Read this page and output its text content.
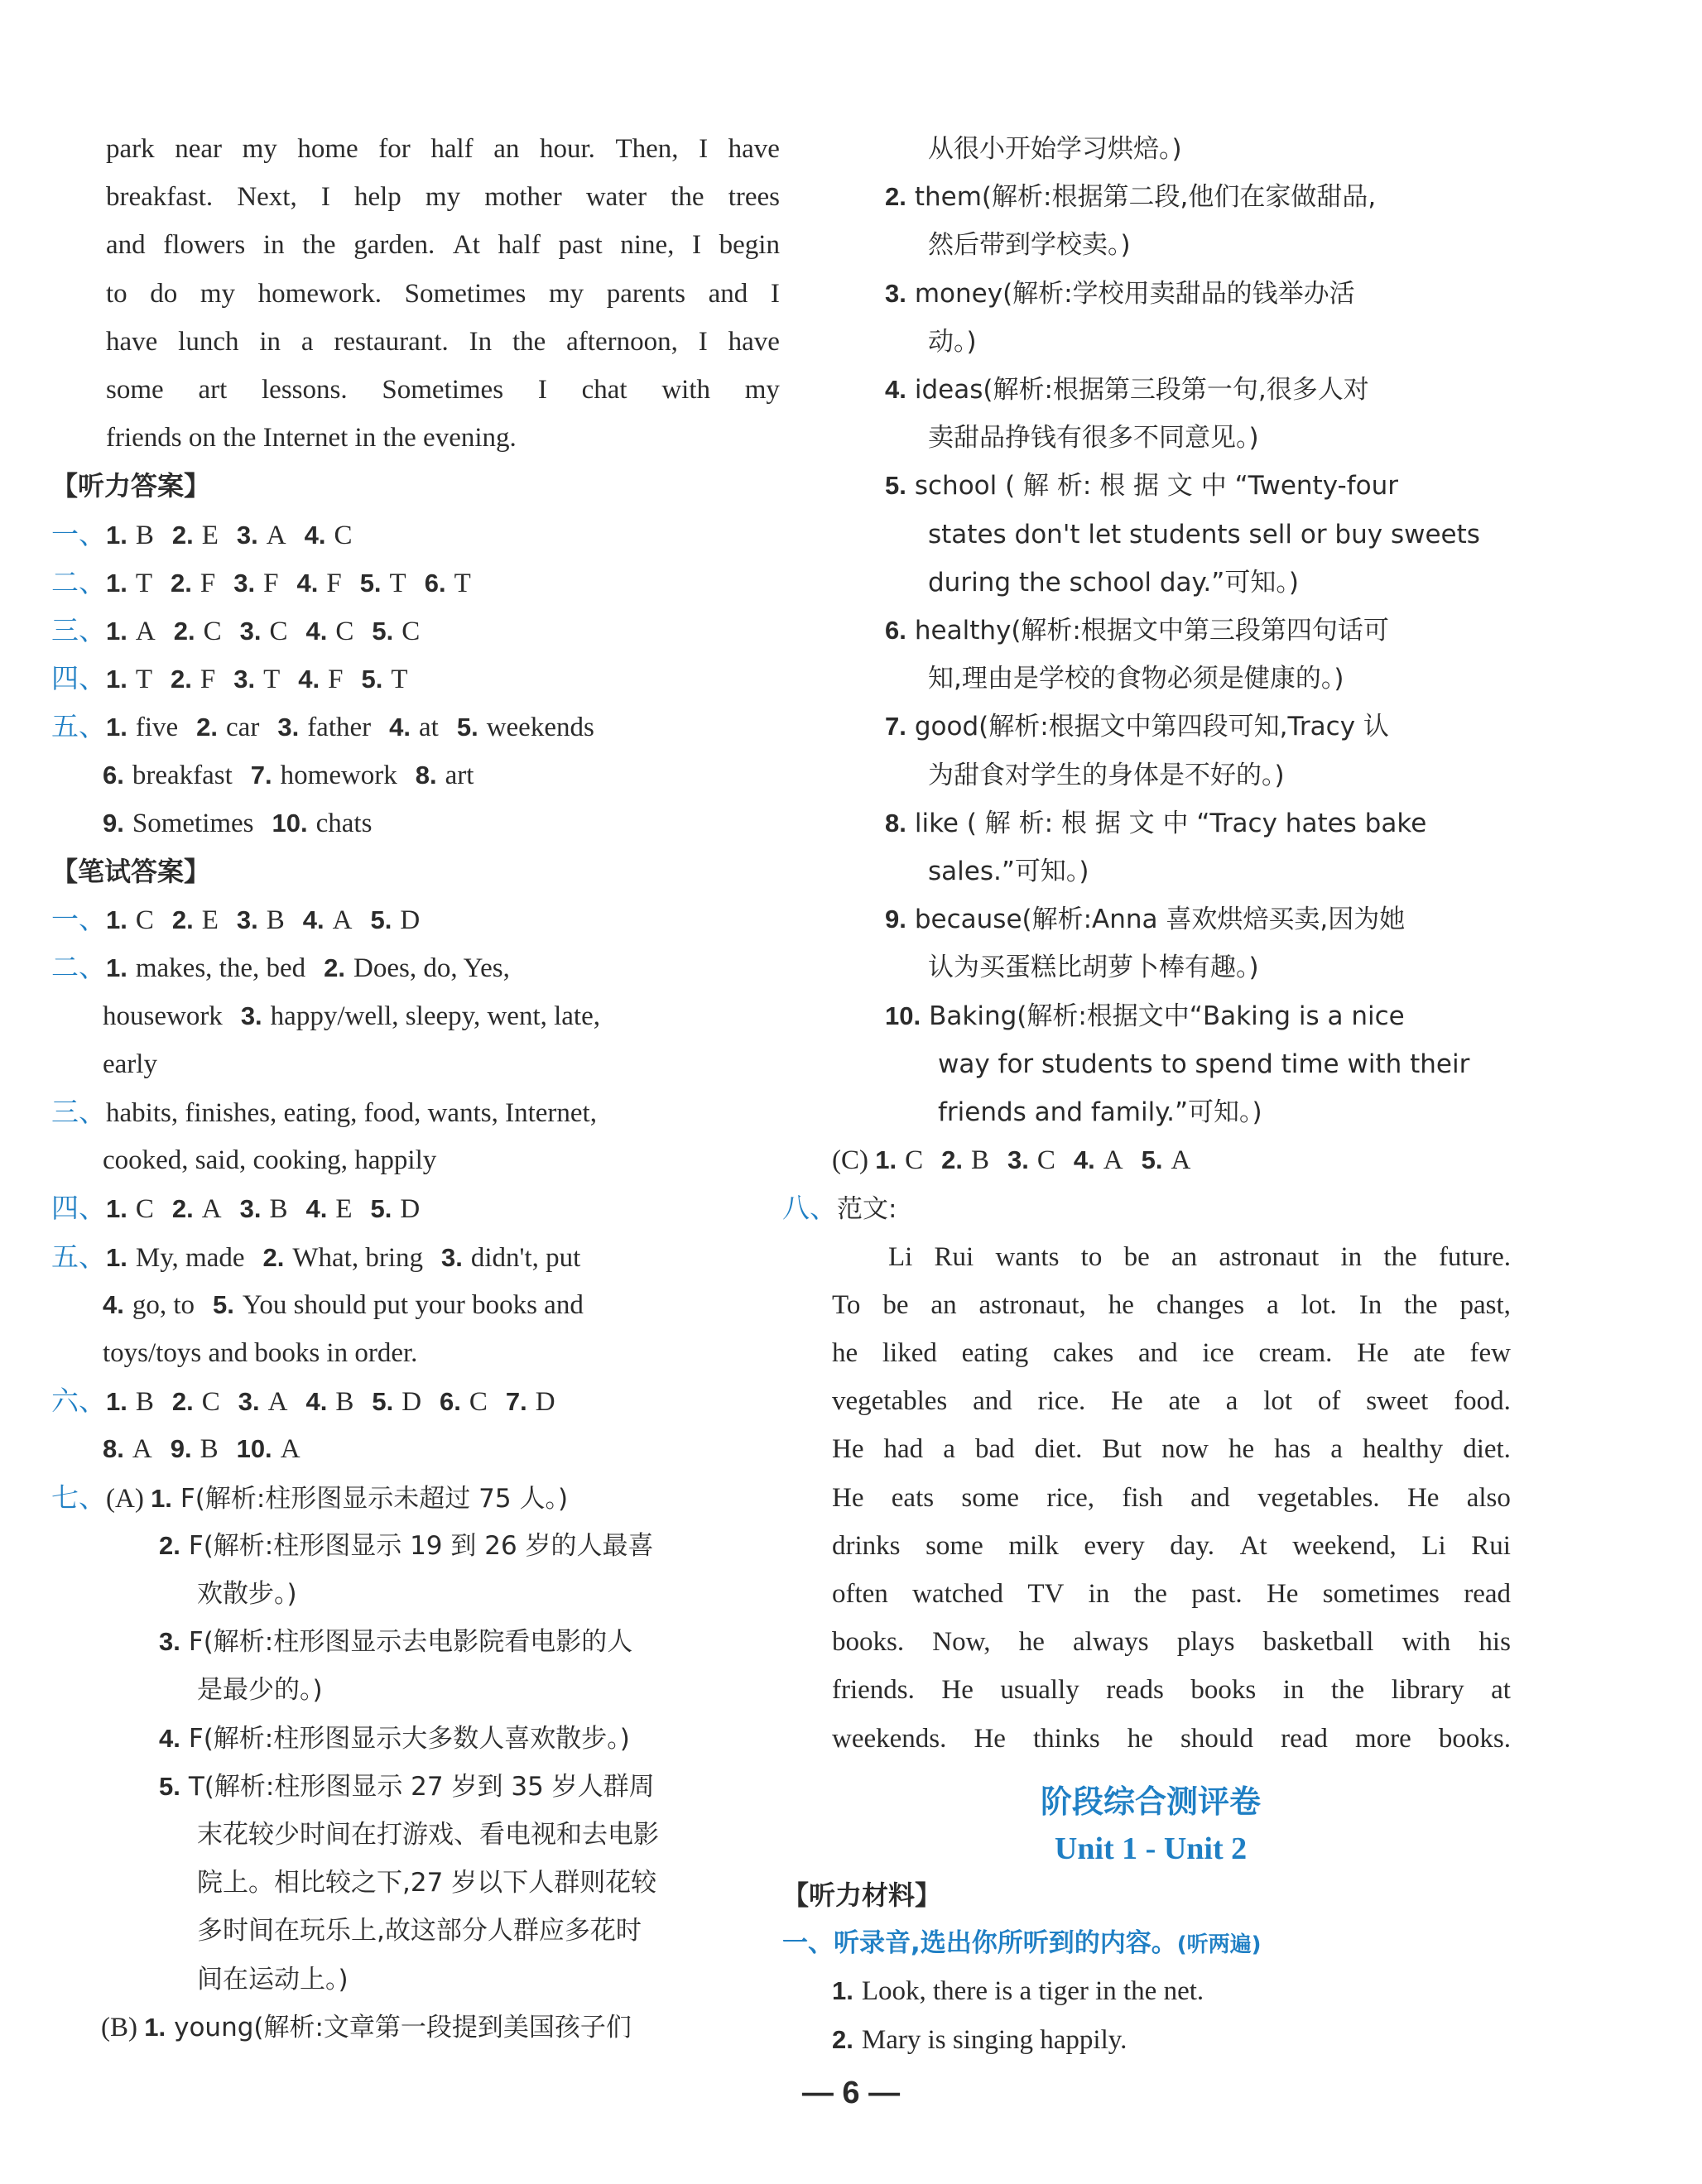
park near my home for half an hour. Then, I have
breakfast. Next, I help my mother water the trees
and flowers in the garden. At half past nine, I begin
to do my homework. Sometimes my parents and I
have lunch in a restaurant. In the afternoon, I have
some art lessons. Sometimes I chat with my
friends on the Internet in the evening.
【听力答案】
一、1. B 2. E 3. A 4. C
二、1. T 2. F 3. F 4. F 5. T 6. T
三、1. A 2. C 3. C 4. C 5. C
四、1. T 2. F 3. T 4. F 5. T
五、1. five 2. car 3. father 4. at 5. weekends
6. breakfast 7. homework 8. art
9. Sometimes 10. chats
【笔试答案】
一、1. C 2. E 3. B 4. A 5. D
二、1. makes, the, bed 2. Does, do, Yes,
housework 3. happy/well, sleepy, went, late,
early
三、habits, finishes, eating, food, wants, Internet,
cooked, said, cooking, happily
四、1. C 2. A 3. B 4. E 5. D
五、1. My, made 2. What, bring 3. didn't, put
4. go, to 5. You should put your books and
toys/toys and books in order.
六、1. B 2. C 3. A 4. B 5. D 6. C 7. D
8. A 9. B 10. A
七、(A) 1. F(解析:柱形图显示未超过 75 人。)
2. F(解析:柱形图显示 19 到 26 岁的人最喜
欢散步。)
3. F(解析:柱形图显示去电影院看电影的人
是最少的。)
4. F(解析:柱形图显示大多数人喜欢散步。)
5. T(解析:柱形图显示 27 岁到 35 岁人群周
末花较少时间在打游戏、看电视和去电影
院上。相比较之下,27 岁以下人群则花较
多时间在玩乐上,故这部分人群应多花时
间在运动上。)
(B) 1. young(解析:文章第一段提到美国孩子们
从很小开始学习烘焙。)
2. them(解析:根据第二段,他们在家做甜品,
然后带到学校卖。)
3. money(解析:学校用卖甜品的钱举办活
动。)
4. ideas(解析:根据第三段第一句,很多人对
卖甜品挣钱有很多不同意见。)
5. school ( 解 析: 根 据 文 中 “Twenty-four
states don't let students sell or buy sweets
during the school day.”可知。)
6. healthy(解析:根据文中第三段第四句话可
知,理由是学校的食物必须是健康的。)
7. good(解析:根据文中第四段可知,Tracy 认
为甜食对学生的身体是不好的。)
8. like ( 解 析: 根 据 文 中 “Tracy hates bake
sales.”可知。)
9. because(解析:Anna 喜欢烘焙买卖,因为她
认为买蛋糕比胡萝卜棒有趣。)
10. Baking(解析:根据文中“Baking is a nice
way for students to spend time with their
friends and family.”可知。)
(C) 1. C 2. B 3. C 4. A 5. A
八、范文:
Li Rui wants to be an astronaut in the future.
To be an astronaut, he changes a lot. In the past,
he liked eating cakes and ice cream. He ate few
vegetables and rice. He ate a lot of sweet food.
He had a bad diet. But now he has a healthy diet.
He eats some rice, fish and vegetables. He also
drinks some milk every day. At weekend, Li Rui
often watched TV in the past. He sometimes read
books. Now, he always plays basketball with his
friends. He usually reads books in the library at
weekends. He thinks he should read more books.
【听力材料】
一、听录音,选出你所听到的内容。(听两遍)
1. Look, there is a tiger in the net.
2. Mary is singing happily.
阶段综合测评卷
Unit 1 - Unit 2
— 6 —
